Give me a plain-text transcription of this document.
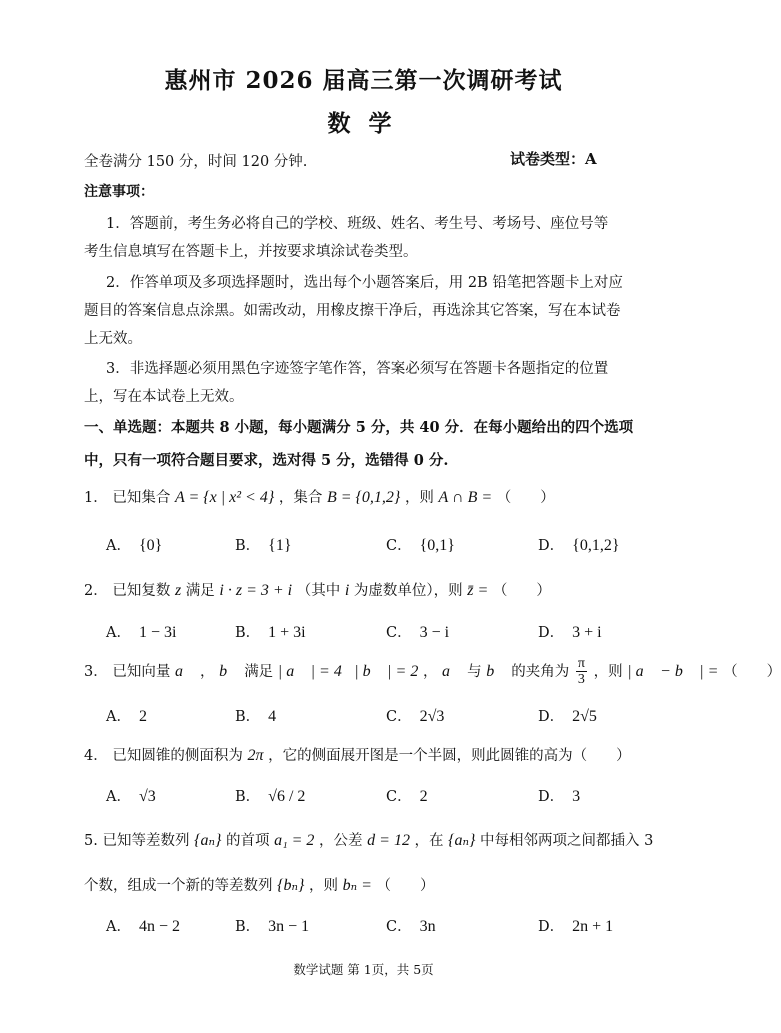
惠州市 2026 届高三第一次调研考试
数学
全卷满分 150 分，时间 120 分钟.	试卷类型：A
注意事项：
1．答题前，考生务必将自己的学校、班级、姓名、考生号、考场号、座位号等
考生信息填写在答题卡上，并按要求填涂试卷类型。
2．作答单项及多项选择题时，选出每个小题答案后，用 2B 铅笔把答题卡上对应
题目的答案信息点涂黑。如需改动，用橡皮擦干净后，再选涂其它答案，写在本试卷
上无效。
3．非选择题必须用黑色字迹签字笔作答，答案必须写在答题卡各题指定的位置
上，写在本试卷上无效。
一、单选题：本题共 8 小题，每小题满分 5 分，共 40 分．在每小题给出的四个选项
中，只有一项符合题目要求，选对得 5 分，选错得 0 分.
1． 已知集合 A = {x | x² < 4} ，集合 B = {0,1,2} ，则 A ∩ B = （　　）
A． {0}	B． {1}	C． {0,1}	D． {0,1,2}
2． 已知复数 z 满足 i · z = 3 + i （其中 i 为虚数单位），则 z̄ = （　　）
A． 1 − 3i	B． 1 + 3i	C． 3 − i	D． 3 + i
3． 已知向量 a⃗ ， b⃗ 满足 | a⃗ | = 4，| b⃗ | = 2 ， a⃗ 与 b⃗ 的夹角为 $\frac{\pi}{3}$ ，则 | a⃗ − b⃗ | = （　　）
A． 2	B． 4	C． 2√3	D． 2√5
4． 已知圆锥的侧面积为 2π ，它的侧面展开图是一个半圆，则此圆锥的高为（　　）
A． √3	B． √6 / 2	C． 2	D． 3
5. 已知等差数列 {aₙ} 的首项 a₁ = 2 ，公差 d = 12 ，在 {aₙ} 中每相邻两项之间都插入 3
个数，组成一个新的等差数列 {bₙ} ，则 bₙ = （　　）
A． 4n − 2	B． 3n − 1	C． 3n	D． 2n + 1
数学试题 第 1页，共 5页
